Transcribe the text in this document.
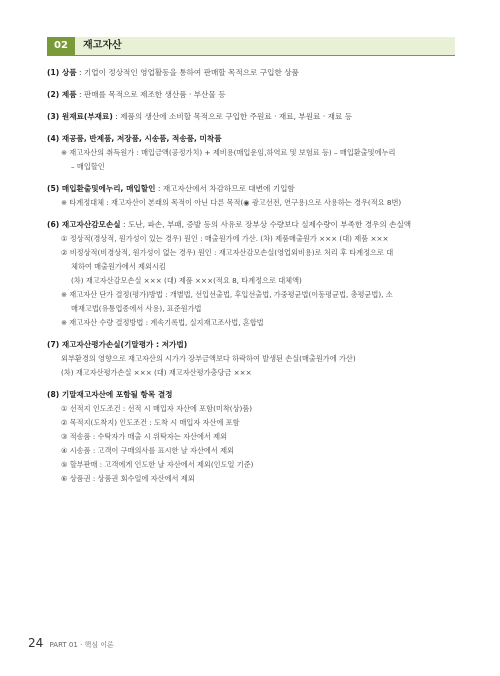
02	재고자산
(1) 상품 : 기업이 정상적인 영업활동을 통하여 판매할 목적으로 구입한 상품
(2) 제품 : 판매를 목적으로 제조한 생산품 · 부산물 등
(3) 원재료(부재료) : 제품의 생산에 소비할 목적으로 구입한 주원료 · 재료, 부원료 · 재료 등
(4) 재공품, 반제품, 저장품, 시송품, 적송품, 미착품
※ 재고자산의 취득원가 : 매입금액(공정가치) + 제비용(매입운임,하역료 및 보험료 등) – 매입환출및에누리
– 매입할인
(5) 매입환출및에누리, 매입할인 : 재고자산에서 차감하므로 대변에 기입함
※ 타계정대체 : 재고자산이 본래의 목적이 아닌 다른 목적(◉ 광고선전, 연구용)으로 사용하는 경우(적요 8번)
(6) 재고자산감모손실 : 도난, 파손, 부패, 증발 등의 사유로 장부상 수량보다 실제수량이 부족한 경우의 손실액
① 정상적(경상적, 원가성이 있는 경우) 원인 : 매출원가에 가산. (차) 제품매출원가 ××× (대) 제품 ×××
② 비정상적(비경상적, 원가성이 없는 경우) 원인 : 재고자산감모손실(영업외비용)로 처리 후 타계정으로 대
체하여 매출원가에서 제외시킴
(차) 재고자산감모손실 ××× (대) 제품 ×××(적요 8, 타계정으로 대체액)
※ 재고자산 단가 결정(평가)방법 : 개별법, 선입선출법, 후입선출법, 가중평균법(이동평균법, 총평균법), 소
매재고법(유통업종에서 사용), 표준원가법
※ 재고자산 수량 결정방법 : 계속기록법, 실지재고조사법, 혼합법
(7) 재고자산평가손실(기말평가 : 저가법)
외부환경의 영향으로 재고자산의 시가가 장부금액보다 하락하여 발생된 손실(매출원가에 가산)
(차) 재고자산평가손실 ××× (대) 재고자산평가충당금 ×××
(8) 기말재고자산에 포함될 항목 결정
① 선적지 인도조건 : 선적 시 매입자 자산에 포함(미착(상)품)
② 목적지(도착지) 인도조건 : 도착 시 매입자 자산에 포함
③ 적송품 : 수탁자가 매출 시 위탁자는 자산에서 제외
④ 시송품 : 고객이 구매의사를 표시한 날 자산에서 제외
⑤ 할부판매 : 고객에게 인도한 날 자산에서 제외(인도일 기준)
⑥ 상품권 : 상품권 회수일에 자산에서 제외
24 PART 01 · 핵심 이론
